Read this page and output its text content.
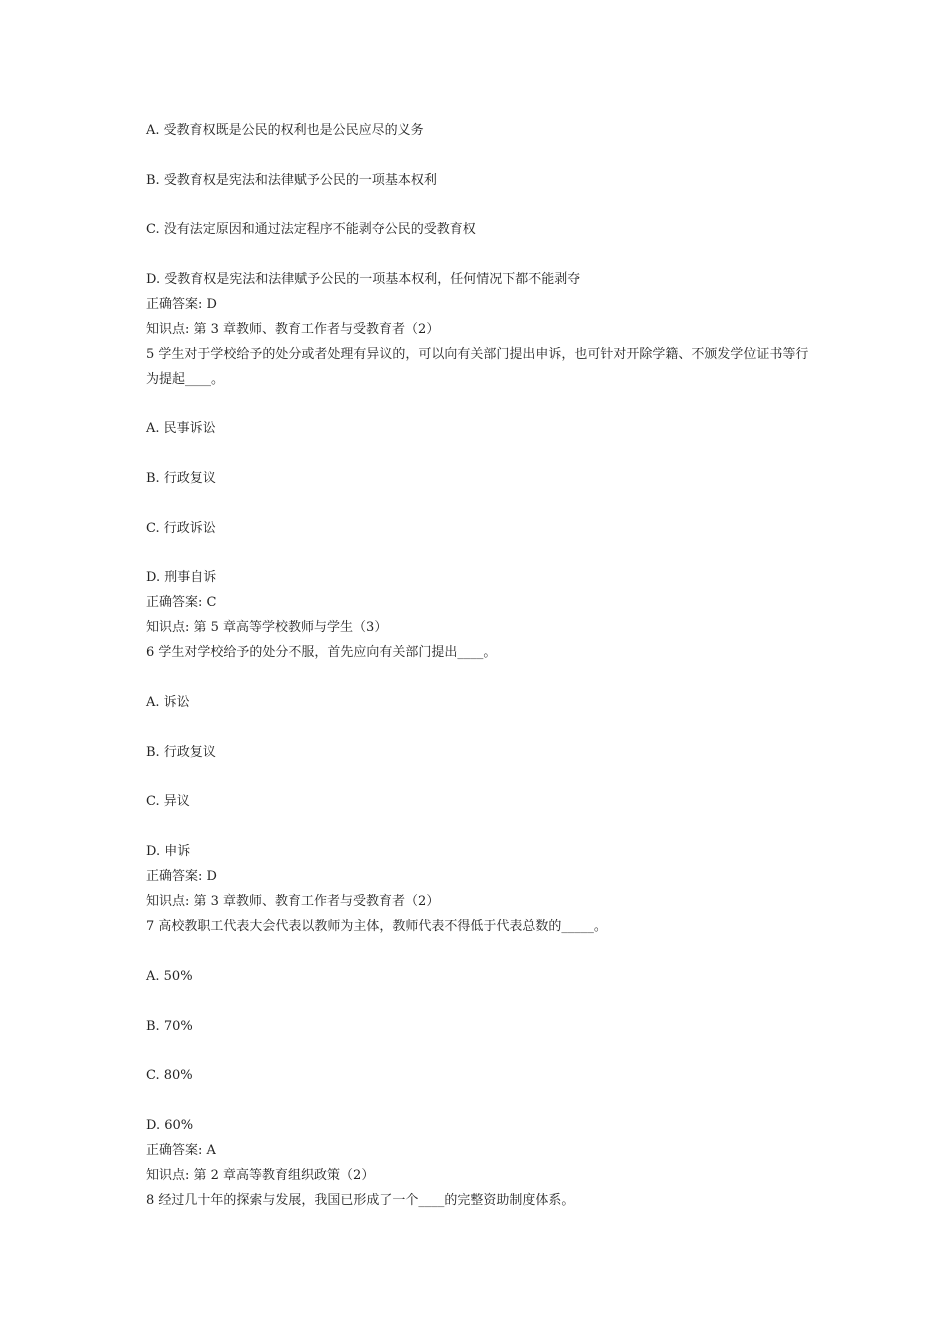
A. 受教育权既是公民的权利也是公民应尽的义务
B. 受教育权是宪法和法律赋予公民的一项基本权利
C. 没有法定原因和通过法定程序不能剥夺公民的受教育权
D. 受教育权是宪法和法律赋予公民的一项基本权利，任何情况下都不能剥夺
正确答案: D
知识点: 第 3 章教师、教育工作者与受教育者（2）
5 学生对于学校给予的处分或者处理有异议的，可以向有关部门提出申诉，也可针对开除学籍、不颁发学位证书等行为提起____。
A. 民事诉讼
B. 行政复议
C. 行政诉讼
D. 刑事自诉
正确答案: C
知识点: 第 5 章高等学校教师与学生（3）
6 学生对学校给予的处分不服，首先应向有关部门提出____。
A. 诉讼
B. 行政复议
C. 异议
D. 申诉
正确答案: D
知识点: 第 3 章教师、教育工作者与受教育者（2）
7 高校教职工代表大会代表以教师为主体，教师代表不得低于代表总数的_____。
A. 50%
B. 70%
C. 80%
D. 60%
正确答案: A
知识点: 第 2 章高等教育组织政策（2）
8 经过几十年的探索与发展，我国已形成了一个____的完整资助制度体系。
